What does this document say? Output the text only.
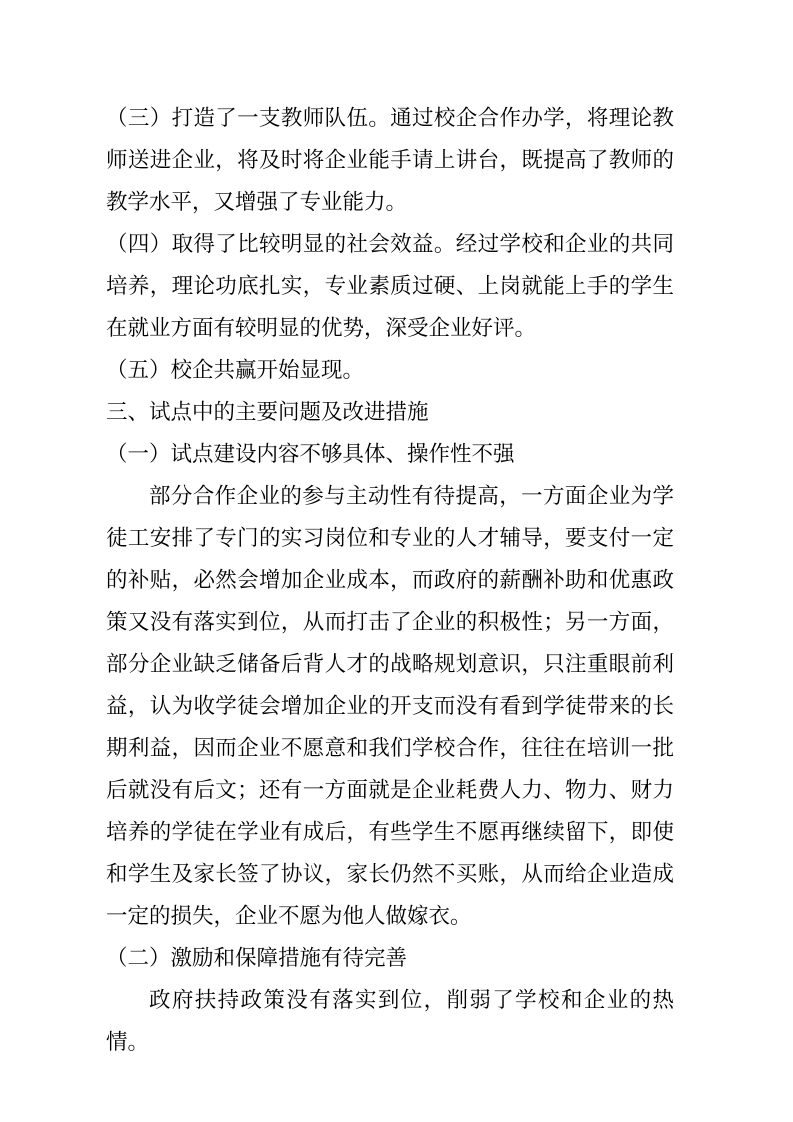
（三）打造了一支教师队伍。通过校企合作办学，将理论教师送进企业，将及时将企业能手请上讲台，既提高了教师的教学水平，又增强了专业能力。

（四）取得了比较明显的社会效益。经过学校和企业的共同培养，理论功底扎实，专业素质过硬、上岗就能上手的学生在就业方面有较明显的优势，深受企业好评。

（五）校企共赢开始显现。

三、试点中的主要问题及改进措施

（一）试点建设内容不够具体、操作性不强

部分合作企业的参与主动性有待提高，一方面企业为学徒工安排了专门的实习岗位和专业的人才辅导，要支付一定的补贴，必然会增加企业成本，而政府的薪酬补助和优惠政策又没有落实到位，从而打击了企业的积极性；另一方面，部分企业缺乏储备后背人才的战略规划意识，只注重眼前利益，认为收学徒会增加企业的开支而没有看到学徒带来的长期利益，因而企业不愿意和我们学校合作，往往在培训一批后就没有后文；还有一方面就是企业耗费人力、物力、财力培养的学徒在学业有成后，有些学生不愿再继续留下，即使和学生及家长签了协议，家长仍然不买账，从而给企业造成一定的损失，企业不愿为他人做嫁衣。

（二）激励和保障措施有待完善

政府扶持政策没有落实到位，削弱了学校和企业的热情。
